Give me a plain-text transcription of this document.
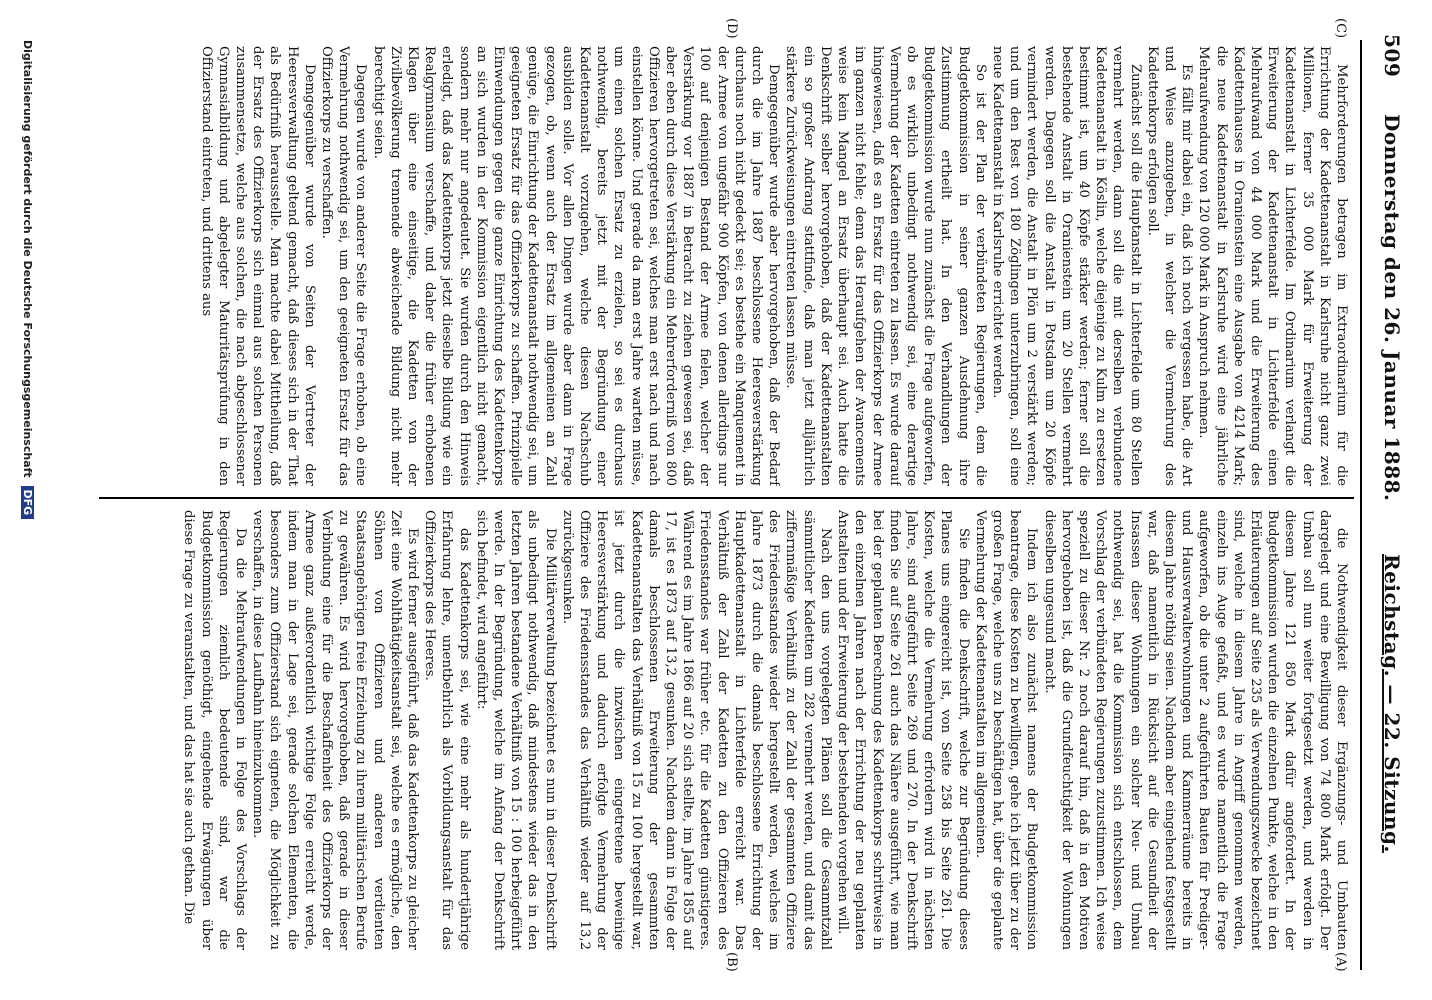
509
Reichstag. — 22. Sitzung.
Donnerstag den 26. Januar 1888.
(A)
(B)
(C)
(D)

die Nothwendigkeit dieser Ergänzungs- und Umbauten dargelegt und eine Bewilligung von 74 800 Mark erfolgt. Der Umbau soll nun weiter fortgesetzt werden, und werden in diesem Jahre 121 850 Mark dafür angefordert. In der Budgetkommission wurden die einzelnen Punkte, welche in den Erläuterungen auf Seite 235 als Verwendungszwecke bezeichnet sind, welche in diesem Jahre in Angriff genommen werden, einzeln ins Auge gefaßt, und es wurde namentlich die Frage aufgeworfen, ob die unter 2 aufgeführten Bauten für Prediger- und Hausverwalterwohnungen und Kammerräume bereits in diesem Jahre nöthig seien. Nachdem aber eingehend festgestellt war, daß namentlich in Rücksicht auf die Gesundheit der Insassen dieser Wohnungen ein solcher Neu- und Umbau nothwendig sei, hat die Kommission sich entschlossen, dem Vorschlag der verbündeten Regierungen zuzustimmen. Ich weise speziell zu dieser Nr. 2 noch darauf hin, daß in den Motiven hervorgehoben ist, daß die Grundfeuchtigkeit der Wohnungen dieselben ungesund macht.

Indem ich also zunächst namens der Budgetkommission beantrage, diese Kosten zu bewilligen, gehe ich jetzt über zu der großen Frage, welche uns zu beschäftigen hat, über die geplante Vermehrung der Kadettenanstalten im allgemeinen.

Sie finden die Denkschrift, welche zur Begründung dieses Planes uns eingereicht ist, von Seite 258 bis Seite 261. Die Kosten, welche die Vermehrung erfordern wird in nächsten Jahre, sind aufgeführt Seite 269 und 270. In der Denkschrift finden Sie auf Seite 261 auch das Nähere ausgeführt, wie man bei der geplanten Berechnung des Kadettenkorps schrittweise in den einzelnen Jahren nach der Errichtung der neu geplanten Anstalten und der Erweiterung der bestehenden vorgehen will.

Nach den uns vorgelegten Plänen soll die Gesammtzahl sämmtlicher Kadetten um 282 vermehrt werden, und damit das ziffernmäßige Verhältniß zu der Zahl der gesammten Offiziere des Friedensstandes wieder hergestellt werden, welches im Jahre 1873 durch die damals beschlossene Errichtung der Hauptkadettenanstalt in Lichterfelde erreicht war. Das Verhältniß der Zahl der Kadetten zu den Offizieren des Friedensstandes war früher etc. für die Kadetten günstigeres. Während es im Jahre 1866 auf 20 sich stellte, im Jahre 1855 auf 17, ist es 1873 auf 13,2 gesunken. Nachdem dann in Folge der damals beschlossenen Erweiterung der gesammten Kadettenanstalten das Verhältniß von 15 zu 100 hergestellt war, ist jetzt durch die inzwischen eingetretene beweinige Heeresverstärkung und dadurch erfolgte Vermehrung der Offiziere des Friedensstandes das Verhältniß wieder auf 13,2 zurückgesunken.

Die Militärverwaltung bezeichnet es nun in dieser Denkschrift als unbedingt nothwendig, daß mindestens wieder das in den letzten Jahren bestandene Verhältniß von 15 : 100 herbeigeführt werde. In der Begründung, welche im Anfang der Denkschrift sich befindet, wird angeführt:

das Kadettenkorps sei, wie eine mehr als hundertjährige Erfahrung lehre, unentbehrlich als Vorbildungsanstalt für das Offizierkorps des Heeres.

Es wird ferner ausgeführt, daß das Kadettenkorps zu gleicher Zeit eine Wohlthätigkeitsanstalt sei, welche es ermögliche, den Söhnen von Offizieren und anderen verdienten Staatsangehörigen freie Erziehung zu ihrem militärischen Berufe zu gewähren. Es wird hervorgehoben, daß gerade in dieser Verbindung eine für die Beschaffenheit des Offizierkorps der Armee ganz außerordentlich wichtige Folge erreicht werde, indem man in der Lage sei, gerade solchen Elementen, die besonders zum Offizierstand sich eigneten, die Möglichkeit zu verschaffen, in diese Laufbahn hineinzukommen.

Da die Mehraufwendungen in Folge des Vorschlags der Regierungen ziemlich bedeutende sind, war die Budgetkommission genöthigt, eingehende Erwägungen über diese Frage zu veranstalten, und das hat sie auch gethan. Die

Mehrforderungen betragen im Extraordinarium für die Errichtung der Kadettenanstalt in Karlsruhe nicht ganz zwei Millionen, ferner 35 000 Mark für Erweiterung der Kadettenanstalt in Lichterfelde. Im Ordinarium verlangt die Erweiterung der Kadettenanstalt in Lichterfelde einen Mehraufwand von 44 000 Mark und die Erweiterung des Kadettenhauses in Oranienstein eine Ausgabe von 4214 Mark; die neue Kadettenanstalt in Karlsruhe wird eine jährliche Mehraufwendung von 120 000 Mark in Anspruch nehmen.

Es fällt mir dabei ein, daß ich noch vergessen habe, die Art und Weise anzugeben, in welcher die Vermehrung des Kadettenkorps erfolgen soll.

Zunächst soll die Hauptanstalt in Lichterfelde um 80 Stellen vermehrt werden, dann soll die mit derselben verbundene Kadettenanstalt in Köslin, welche diejenige zu Kulm zu ersetzen bestimmt ist, um 40 Köpfe stärker werden; ferner soll die bestehende Anstalt in Oranienstein um 20 Stellen vermehrt werden. Dagegen soll die Anstalt in Potsdam um 20 Köpfe vermindert werden, die Anstalt in Plön um 2 verstärkt werden; und um den Rest von 180 Zöglingen unterzubringen, soll eine neue Kadettenanstalt in Karlsruhe errichtet werden.

So ist der Plan der verbündeten Regierungen, dem die Budgetkommission in seiner ganzen Ausdehnung ihre Zustimmung ertheilt hat. In den Verhandlungen der Budgetkommission wurde nun zunächst die Frage aufgeworfen, ob es wirklich unbedingt nothwendig sei, eine derartige Vermehrung der Kadetten eintreten zu lassen. Es wurde darauf hingewiesen, daß es an Ersatz für das Offizierkorps der Armee im ganzen nicht fehle; denn das Heraufgehen der Avancements weise kein Mangel an Ersatz überhaupt sei. Auch hatte die Denkschrift selber hervorgehoben, daß der Kadettenanstalten ein so großer Andrang stattfinde, daß man jetzt alljährlich stärkere Zurückweisungen eintreten lassen müsse.

Demgegenüber wurde aber hervorgehoben, daß der Bedarf durch die im Jahre 1887 beschlossene Heeresverstärkung durchaus noch nicht gedeckt sei; es bestehe ein Manquement in der Armee von ungefähr 900 Köpfen, von denen allerdings nur 100 auf denjenigen Bestand der Armee fielen, welcher der Verstärkung vor 1887 in Betracht zu ziehen gewesen sei, daß aber eben durch diese Verstärkung ein Mehrerforderniß von 800 Offizieren hervorgetreten sei, welches man erst nach und nach einstellen könne. Und gerade da man erst Jahre warten müsse, um einen solchen Ersatz zu erzielen, so sei es durchaus nothwendig, bereits jetzt mit der Begründung einer Kadettenanstalt vorzugehen, welche diesen Nachschub ausbilden solle. Vor allen Dingen wurde aber dann in Frage gezogen, ob, wenn auch der Ersatz im allgemeinen an Zahl genüge, die Einrichtung der Kadettenanstalt nothwendig sei, um geeigneten Ersatz für das Offizierkorps zu schaffen. Prinzipielle Einwendungen gegen die ganze Einrichtung des Kadettenkorps an sich wurden in der Kommission eigentlich nicht gemacht, sondern mehr nur angedeutet. Sie wurden durch den Hinweis erledigt, daß das Kadettenkorps jetzt dieselbe Bildung wie ein Realgymnasium verschaffe, und daher die früher erhobenen Klagen über eine einseitige, die Kadetten von der Zivilbevölkerung trennende abweichende Bildung nicht mehr berechtigt seien.

Dagegen wurde von anderer Seite die Frage erhoben, ob eine Vermehrung nothwendig sei, um den geeigneten Ersatz für das Offizierkorps zu verschaffen.

Demgegenüber wurde von Seiten der Vertreter der Heeresverwaltung geltend gemacht, daß dieses sich in der That als Bedürfniß herausstelle. Man machte dabei Mittheilung, daß der Ersatz des Offizierkorps sich einmal aus solchen Personen zusammensetze, welche aus solchen, die nach abgeschlossener Gymnasialbildung und abgelegter Maturitätsprüfung in den Offizierstand eintreten, und drittens aus

Digitalisierung gefördert durch die Deutsche Forschungsgemeinschaft DFG
